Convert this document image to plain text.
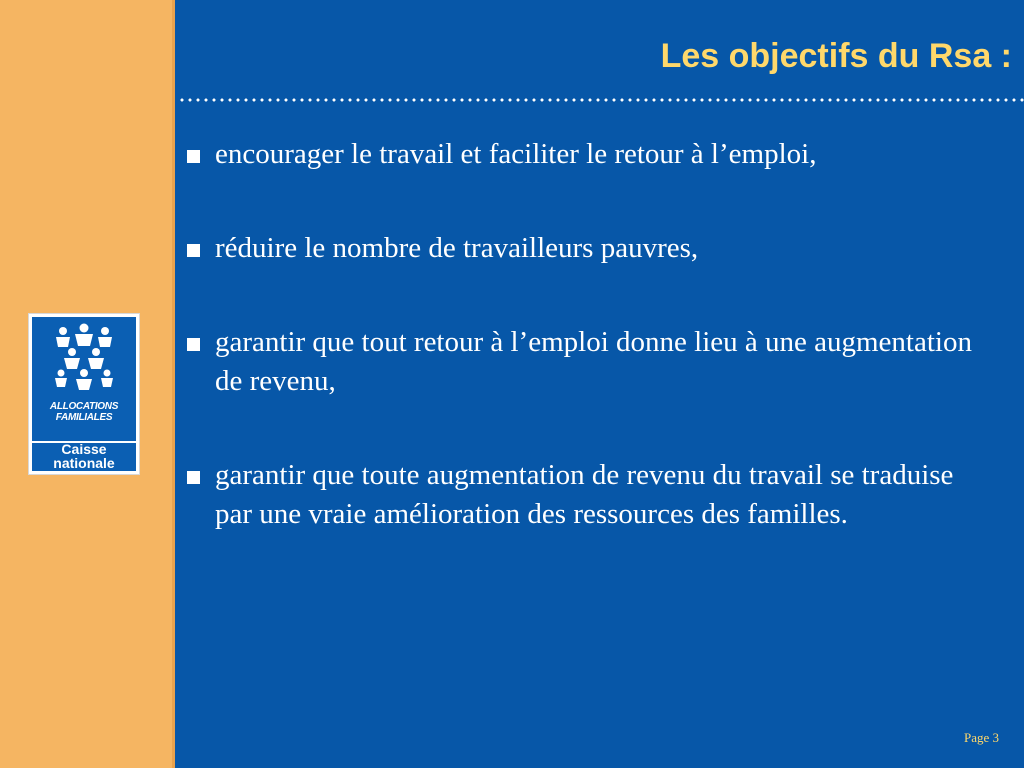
ALLOCATIONS
FAMILIALES
Caisse
nationale
Les objectifs du Rsa :
encourager le travail et faciliter le retour à l’emploi,
réduire le nombre de travailleurs pauvres,
garantir que tout retour à l’emploi donne lieu à une augmentation de revenu,
garantir que toute augmentation de revenu du travail se traduise par une vraie amélioration des ressources des familles.
Page 3
